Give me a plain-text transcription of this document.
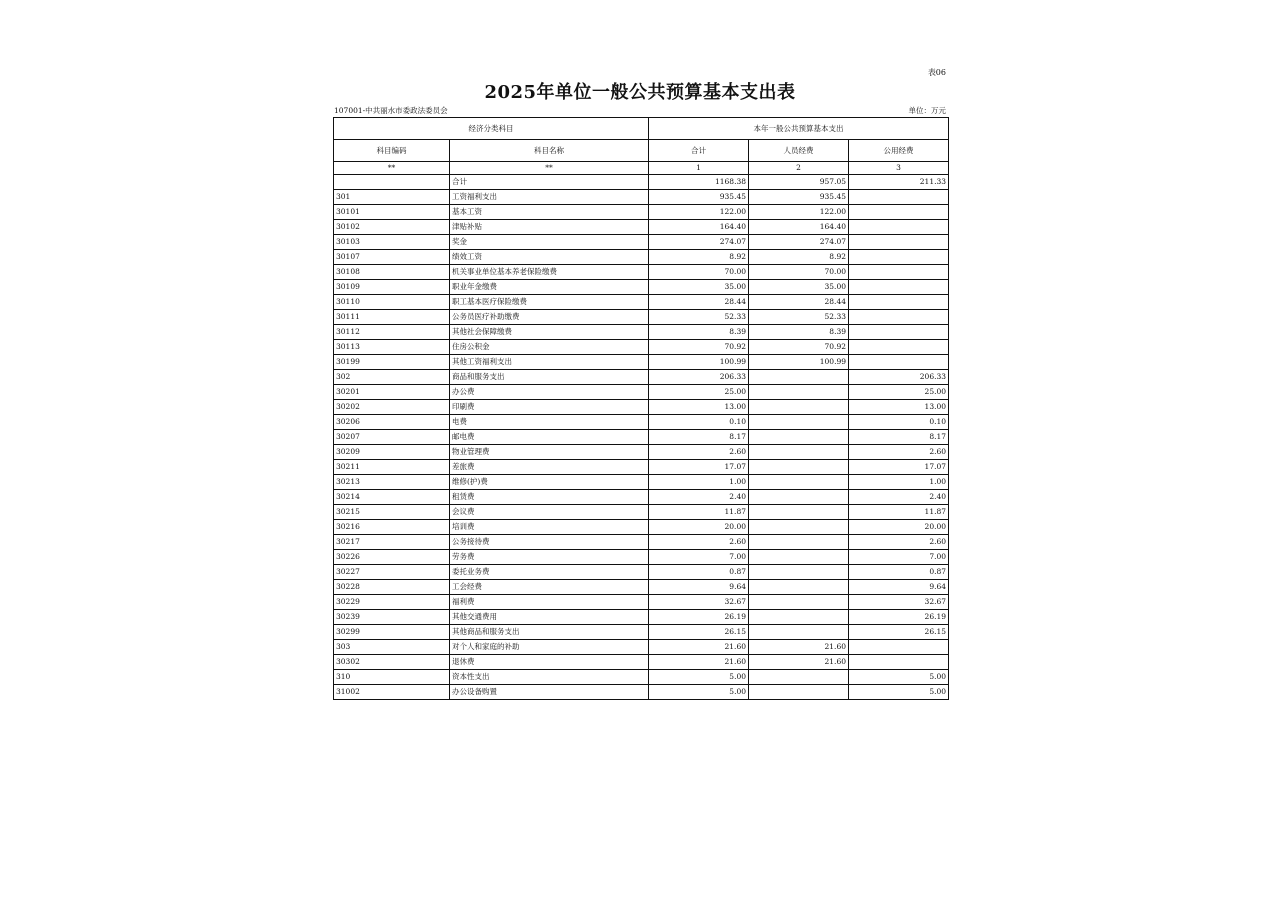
表06
2025年单位一般公共预算基本支出表
107001-中共丽水市委政法委员会	单位：万元
经济分类科目		本年一般公共预算基本支出		
科目编码	科目名称	合计	人员经费	公用经费
**	**	1	2	3
	合计	1168.38	957.05	211.33
301	工资福利支出	935.45	935.45	
30101	基本工资	122.00	122.00	
30102	津贴补贴	164.40	164.40	
30103	奖金	274.07	274.07	
30107	绩效工资	8.92	8.92	
30108	机关事业单位基本养老保险缴费	70.00	70.00	
30109	职业年金缴费	35.00	35.00	
30110	职工基本医疗保险缴费	28.44	28.44	
30111	公务员医疗补助缴费	52.33	52.33	
30112	其他社会保障缴费	8.39	8.39	
30113	住房公积金	70.92	70.92	
30199	其他工资福利支出	100.99	100.99	
302	商品和服务支出	206.33		206.33
30201	办公费	25.00		25.00
30202	印刷费	13.00		13.00
30206	电费	0.10		0.10
30207	邮电费	8.17		8.17
30209	物业管理费	2.60		2.60
30211	差旅费	17.07		17.07
30213	维修(护)费	1.00		1.00
30214	租赁费	2.40		2.40
30215	会议费	11.87		11.87
30216	培训费	20.00		20.00
30217	公务接待费	2.60		2.60
30226	劳务费	7.00		7.00
30227	委托业务费	0.87		0.87
30228	工会经费	9.64		9.64
30229	福利费	32.67		32.67
30239	其他交通费用	26.19		26.19
30299	其他商品和服务支出	26.15		26.15
303	对个人和家庭的补助	21.60	21.60	
30302	退休费	21.60	21.60	
310	资本性支出	5.00		5.00
31002	办公设备购置	5.00		5.00
